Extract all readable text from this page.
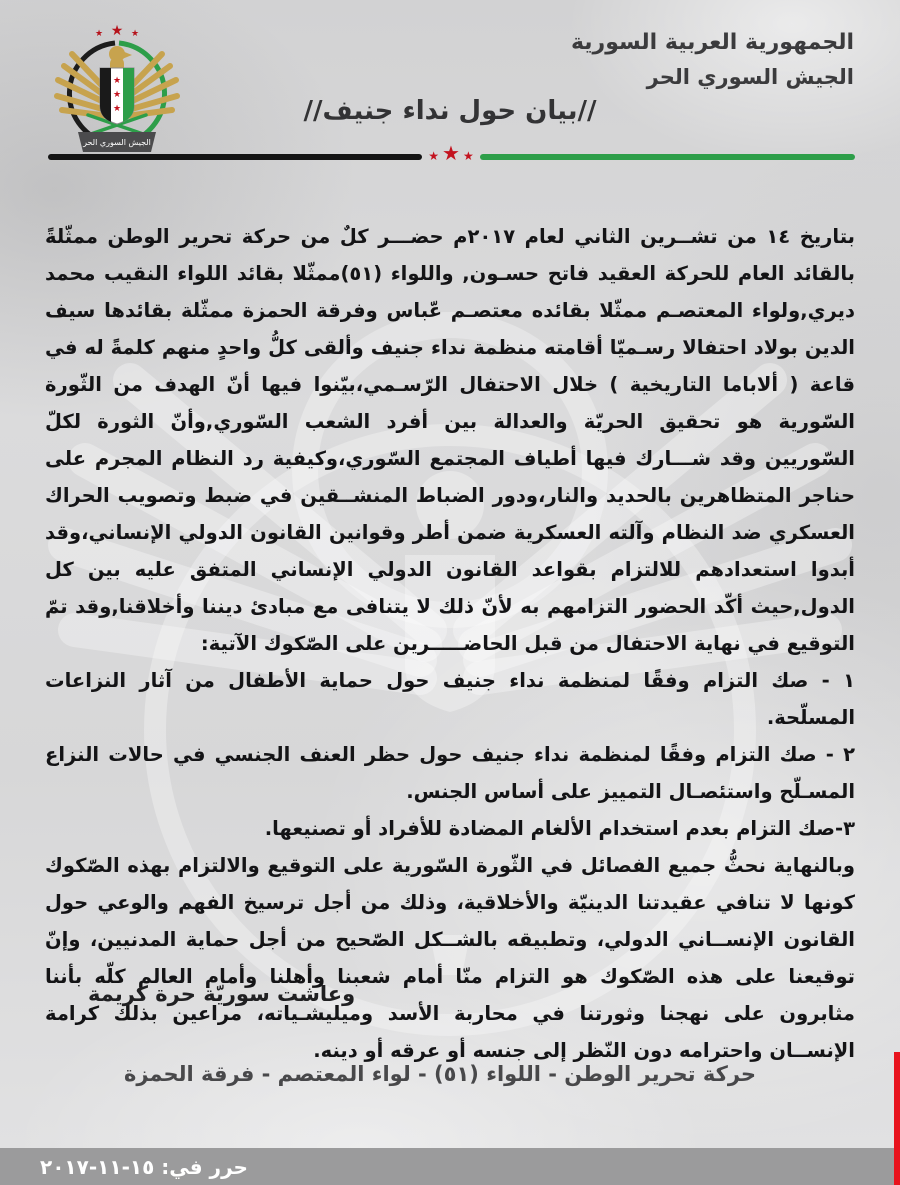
★ ★ ★
★
★
★
الجيش السوري الحر
الجمهورية العربية السورية
الجيش السوري الحر
//بيان حول نداء جنيف//
★ ★ ★

بتاريخ ١٤ من تشــرين الثاني لعام ٢٠١٧م حضـــر كلٌ من حركة تحرير الوطن ممثّلةً بالقائد العام للحركة العقيد فاتح حسـون, واللواء (٥١)ممثّلا بقائد اللواء النقيب محمد ديري,ولواء المعتصـم ممثّلا بقائده معتصـم عّباس وفرقة الحمزة ممثّلة بقائدها سيف الدين بولاد احتفالا رسـميّا أقامته منظمة نداء جنيف وألقى كلُّ واحدٍ منهم كلمةً له في قاعة ( ألاباما التاريخية ) خلال الاحتفال الرّسـمي،بيّنوا فيها أنّ الهدف من الثّورة السّورية هو تحقيق الحريّة والعدالة بين أفرد الشعب السّوري,وأنّ الثورة لكلّ السّوريين وقد شـــارك فيها أطياف المجتمع السّوري،وكيفية رد النظام المجرم على حناجر المتظاهرين بالحديد والنار،ودور الضباط المنشــقين في ضبط وتصويب الحراك العسكري ضد النظام وآلته العسكرية ضمن أطر وقوانين القانون الدولي الإنساني،وقد أبدوا استعدادهم للالتزام بقواعد القانون الدولي الإنساني المتفق عليه بين كل الدول,حيث أكّد الحضور التزامهم به لأنّ ذلك لا يتنافى مع مبادئ ديننا وأخلاقنا,وقد تمّ التوقيع في نهاية الاحتفال من قبل الحاضـــــرين على الصّكوك الآتية:

١ - صك التزام وفقًا لمنظمة نداء جنيف حول حماية الأطفال من آثار النزاعات المسلّحة.
٢ - صك التزام وفقًا لمنظمة نداء جنيف حول حظر العنف الجنسي في حالات النزاع المسـلّح واستئصـال التمييز على أساس الجنس.
٣-صك التزام بعدم استخدام الألغام المضادة للأفراد أو تصنيعها.

وبالنهاية نحثُّ جميع الفصائل في الثّورة السّورية على التوقيع والالتزام بهذه الصّكوك كونها لا تنافي عقيدتنا الدينيّة والأخلاقية، وذلك من أجل ترسيخ الفهم والوعي حول القانون الإنســاني الدولي، وتطبيقه بالشــكل الصّحيح من أجل حماية المدنيين، وإنّ توقيعنا على هذه الصّكوك هو التزام منّا أمام شعبنا وأهلنا وأمام العالم كلّه بأننا مثابرون على نهجنا وثورتنا في محاربة الأسد وميليشـياته، مراعين بذلك كرامة الإنســان واحترامه دون النّظر إلى جنسه أو عرقه أو دينه.

وعاشت سوريّة حرة كريمة
حركة تحرير الوطن - اللواء (٥١) - لواء المعتصم - فرقة الحمزة
حرر في: ١٥-١١-٢٠١٧
